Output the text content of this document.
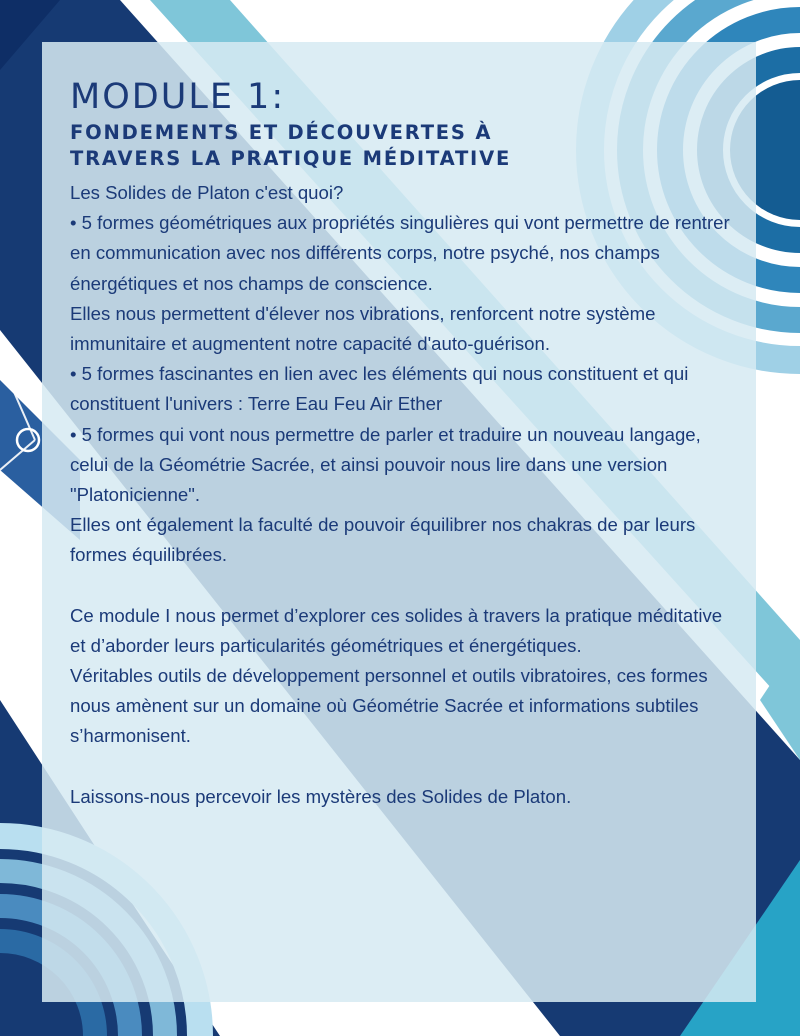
MODULE 1:
FONDEMENTS ET DÉCOUVERTES À
TRAVERS LA PRATIQUE MÉDITATIVE

Les Solides de Platon c'est quoi?

• 5 formes géométriques aux propriétés singulières qui vont permettre de rentrer en communication avec nos différents corps, notre psyché, nos champs énergétiques et nos champs de conscience.

Elles nous permettent d'élever nos vibrations, renforcent notre système immunitaire et augmentent notre capacité d'auto-guérison.

• 5 formes fascinantes en lien avec les éléments qui nous constituent et qui constituent l'univers : Terre Eau Feu Air Ether

• 5 formes qui vont nous permettre de parler et traduire un nouveau langage, celui de la Géométrie Sacrée, et ainsi pouvoir nous lire dans une version "Platonicienne".

Elles ont également la faculté de pouvoir équilibrer nos chakras de par leurs formes équilibrées.

Ce module I nous permet d’explorer ces solides à travers la pratique méditative et d’aborder leurs particularités géométriques et énergétiques.

Véritables outils de développement personnel et outils vibratoires, ces formes nous amènent sur un domaine où Géométrie Sacrée et informations subtiles s’harmonisent.

Laissons-nous percevoir les mystères des Solides de Platon.
